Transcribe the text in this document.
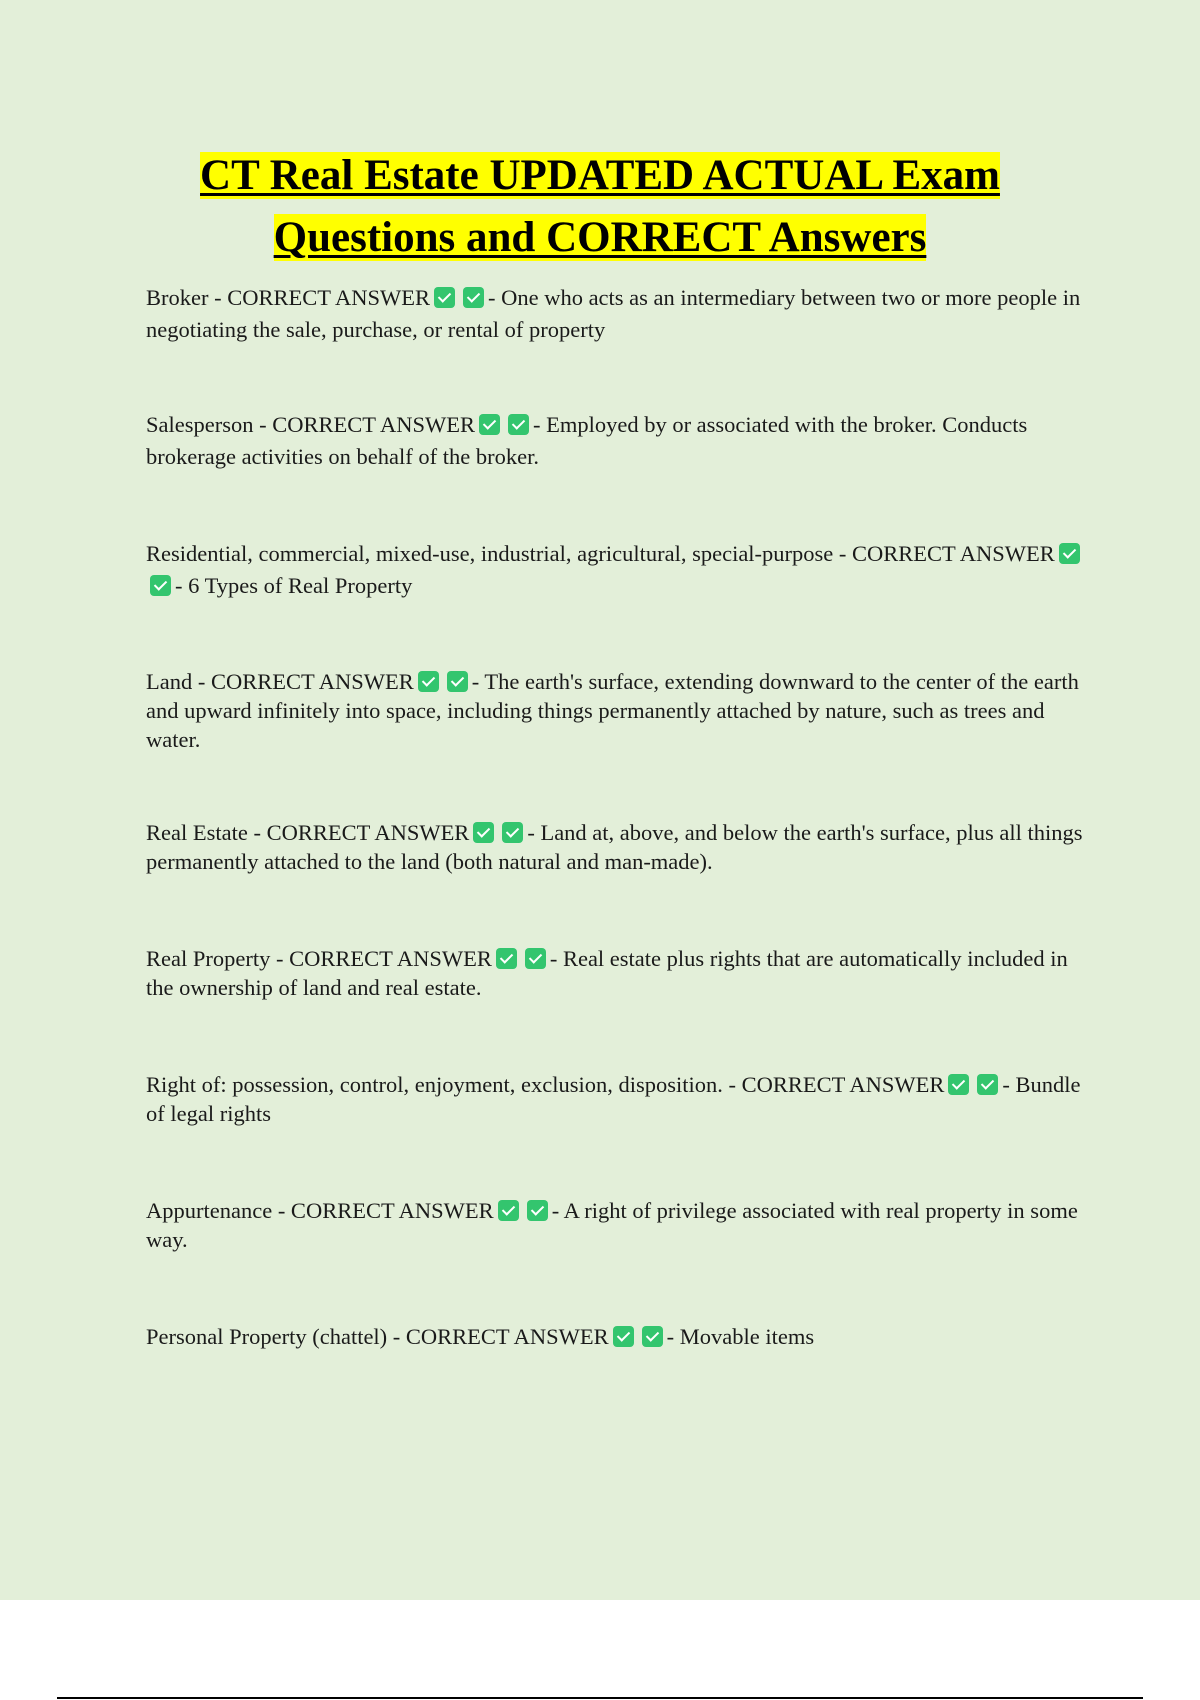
CT Real Estate UPDATED ACTUAL Exam
Questions and CORRECT Answers

Broker - CORRECT ANSWER	- One who acts as an intermediary between two or more people in negotiating the sale, purchase, or rental of property

Salesperson - CORRECT ANSWER	- Employed by or associated with the broker. Conducts brokerage activities on behalf of the broker.

Residential, commercial, mixed-use, industrial, agricultural, special-purpose - CORRECT ANSWER- 6 Types of Real Property

Land - CORRECT ANSWER	- The earth's surface, extending downward to the center of the earth and upward infinitely into space, including things permanently attached by nature, such as trees and water.

Real Estate - CORRECT ANSWER	- Land at, above, and below the earth's surface, plus all things permanently attached to the land (both natural and man-made).

Real Property - CORRECT ANSWER	- Real estate plus rights that are automatically included in the ownership of land and real estate.

Right of: possession, control, enjoyment, exclusion, disposition. - CORRECT ANSWER	- Bundle of legal rights

Appurtenance - CORRECT ANSWER	- A right of privilege associated with real property in some way.

Personal Property (chattel) - CORRECT ANSWER	- Movable items
